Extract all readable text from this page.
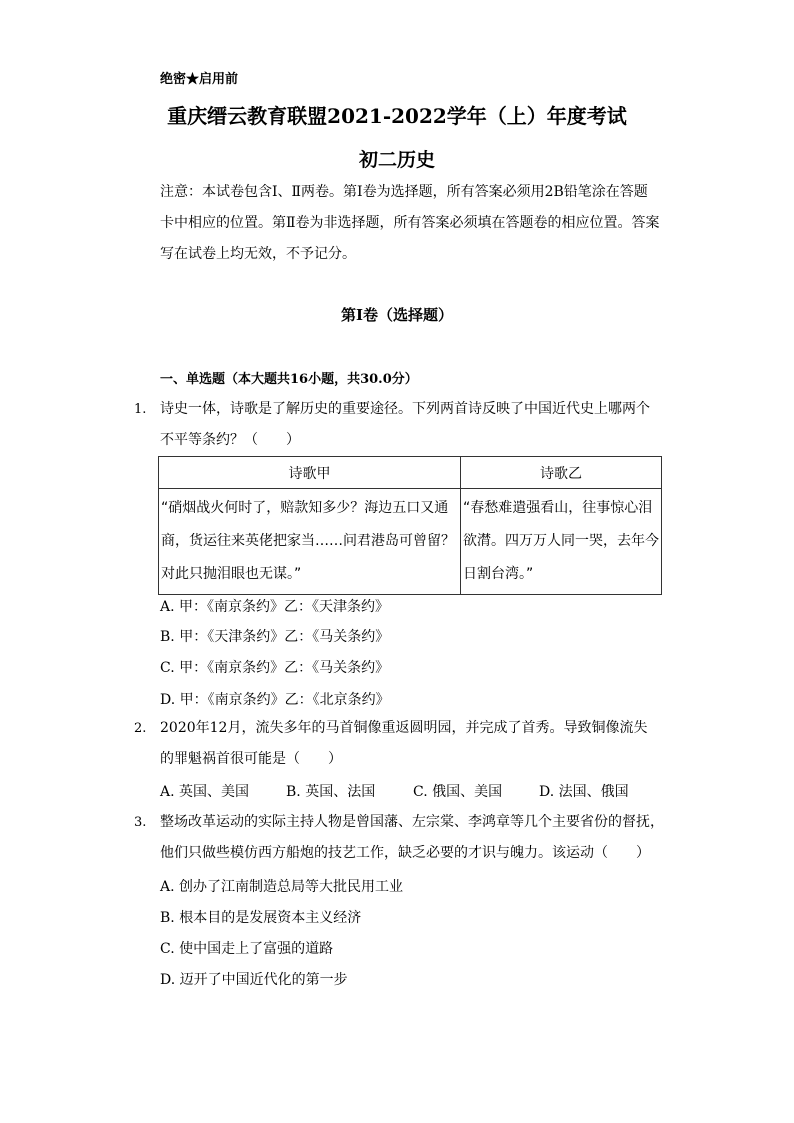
绝密★启用前
重庆缙云教育联盟2021-2022学年（上）年度考试
初二历史
注意：本试卷包含Ⅰ、Ⅱ两卷。第Ⅰ卷为选择题，所有答案必须用2B铅笔涂在答题卡中相应的位置。第Ⅱ卷为非选择题，所有答案必须填在答题卷的相应位置。答案写在试卷上均无效，不予记分。
第Ⅰ卷（选择题）
一、单选题（本大题共16小题，共30.0分）
1. 诗史一体，诗歌是了解历史的重要途径。下列两首诗反映了中国近代史上哪两个不平等条约？（　　）
诗歌甲	诗歌乙
“硝烟战火何时了，赔款知多少？海边五口又通商，货运往来英佬把家当……问君港岛可曾留？对此只抛泪眼也无谋。”	“春愁难遣强看山，往事惊心泪欲潸。四万万人同一哭，去年今日割台湾。”
A. 甲：《南京条约》乙：《天津条约》
B. 甲：《天津条约》乙：《马关条约》
C. 甲：《南京条约》乙：《马关条约》
D. 甲：《南京条约》乙：《北京条约》
2. 2020年12月，流失多年的马首铜像重返圆明园，并完成了首秀。导致铜像流失的罪魁祸首很可能是（　　）
A. 英国、美国	B. 英国、法国	C. 俄国、美国	D. 法国、俄国
3. 整场改革运动的实际主持人物是曾国藩、左宗棠、李鸿章等几个主要省份的督抚，他们只做些模仿西方船炮的技艺工作，缺乏必要的才识与魄力。该运动（　　）
A. 创办了江南制造总局等大批民用工业
B. 根本目的是发展资本主义经济
C. 使中国走上了富强的道路
D. 迈开了中国近代化的第一步
